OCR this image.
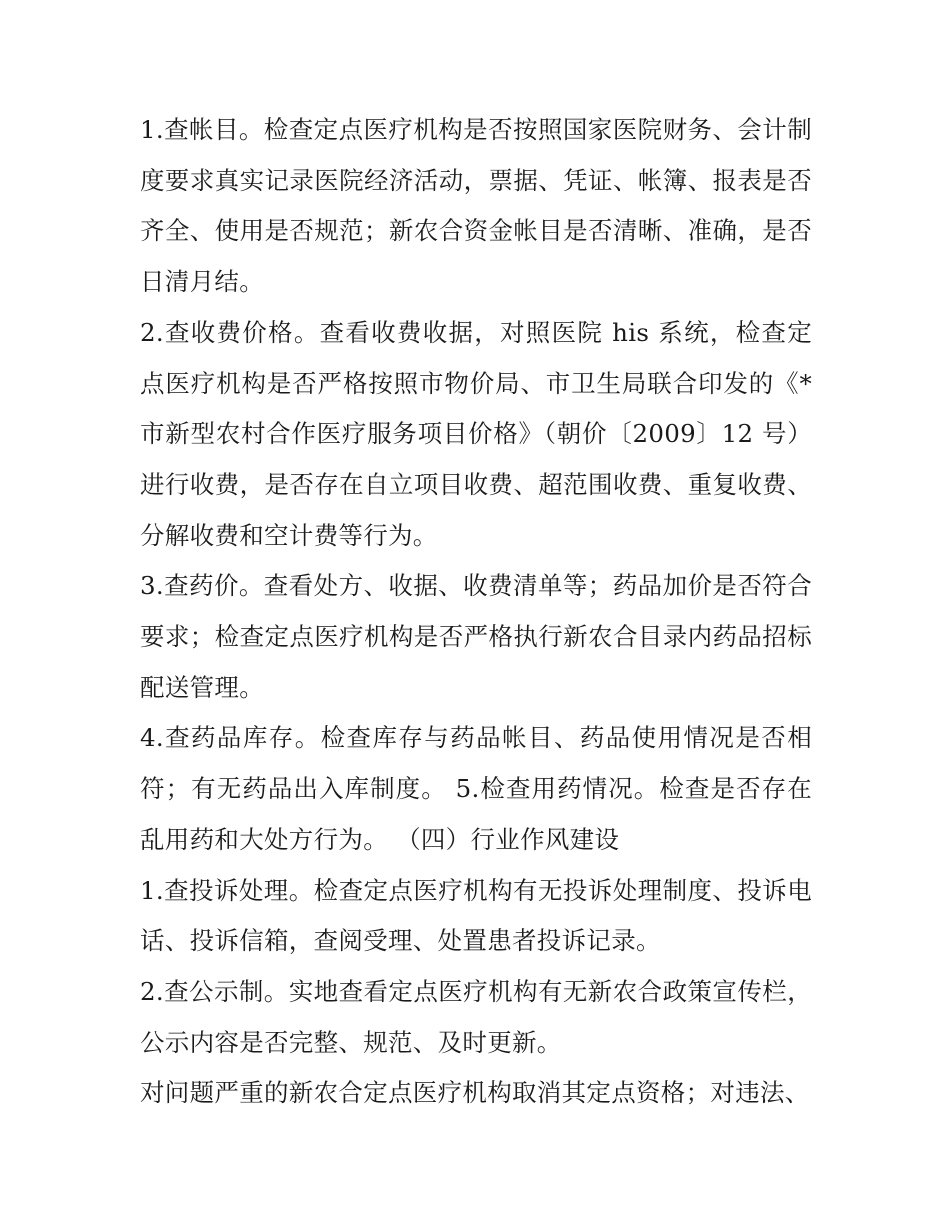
1.查帐目。检查定点医疗机构是否按照国家医院财务、会计制度要求真实记录医院经济活动，票据、凭证、帐簿、报表是否齐全、使用是否规范；新农合资金帐目是否清晰、准确，是否日清月结。

2.查收费价格。查看收费收据，对照医院 his 系统，检查定点医疗机构是否严格按照市物价局、市卫生局联合印发的《*市新型农村合作医疗服务项目价格》（朝价〔2009〕12 号）进行收费，是否存在自立项目收费、超范围收费、重复收费、分解收费和空计费等行为。

3.查药价。查看处方、收据、收费清单等；药品加价是否符合要求；检查定点医疗机构是否严格执行新农合目录内药品招标配送管理。

4.查药品库存。检查库存与药品帐目、药品使用情况是否相符；有无药品出入库制度。 5.检查用药情况。检查是否存在乱用药和大处方行为。 （四）行业作风建设

1.查投诉处理。检查定点医疗机构有无投诉处理制度、投诉电话、投诉信箱，查阅受理、处置患者投诉记录。

2.查公示制。实地查看定点医疗机构有无新农合政策宣传栏，公示内容是否完整、规范、及时更新。

对问题严重的新农合定点医疗机构取消其定点资格；对违法、
